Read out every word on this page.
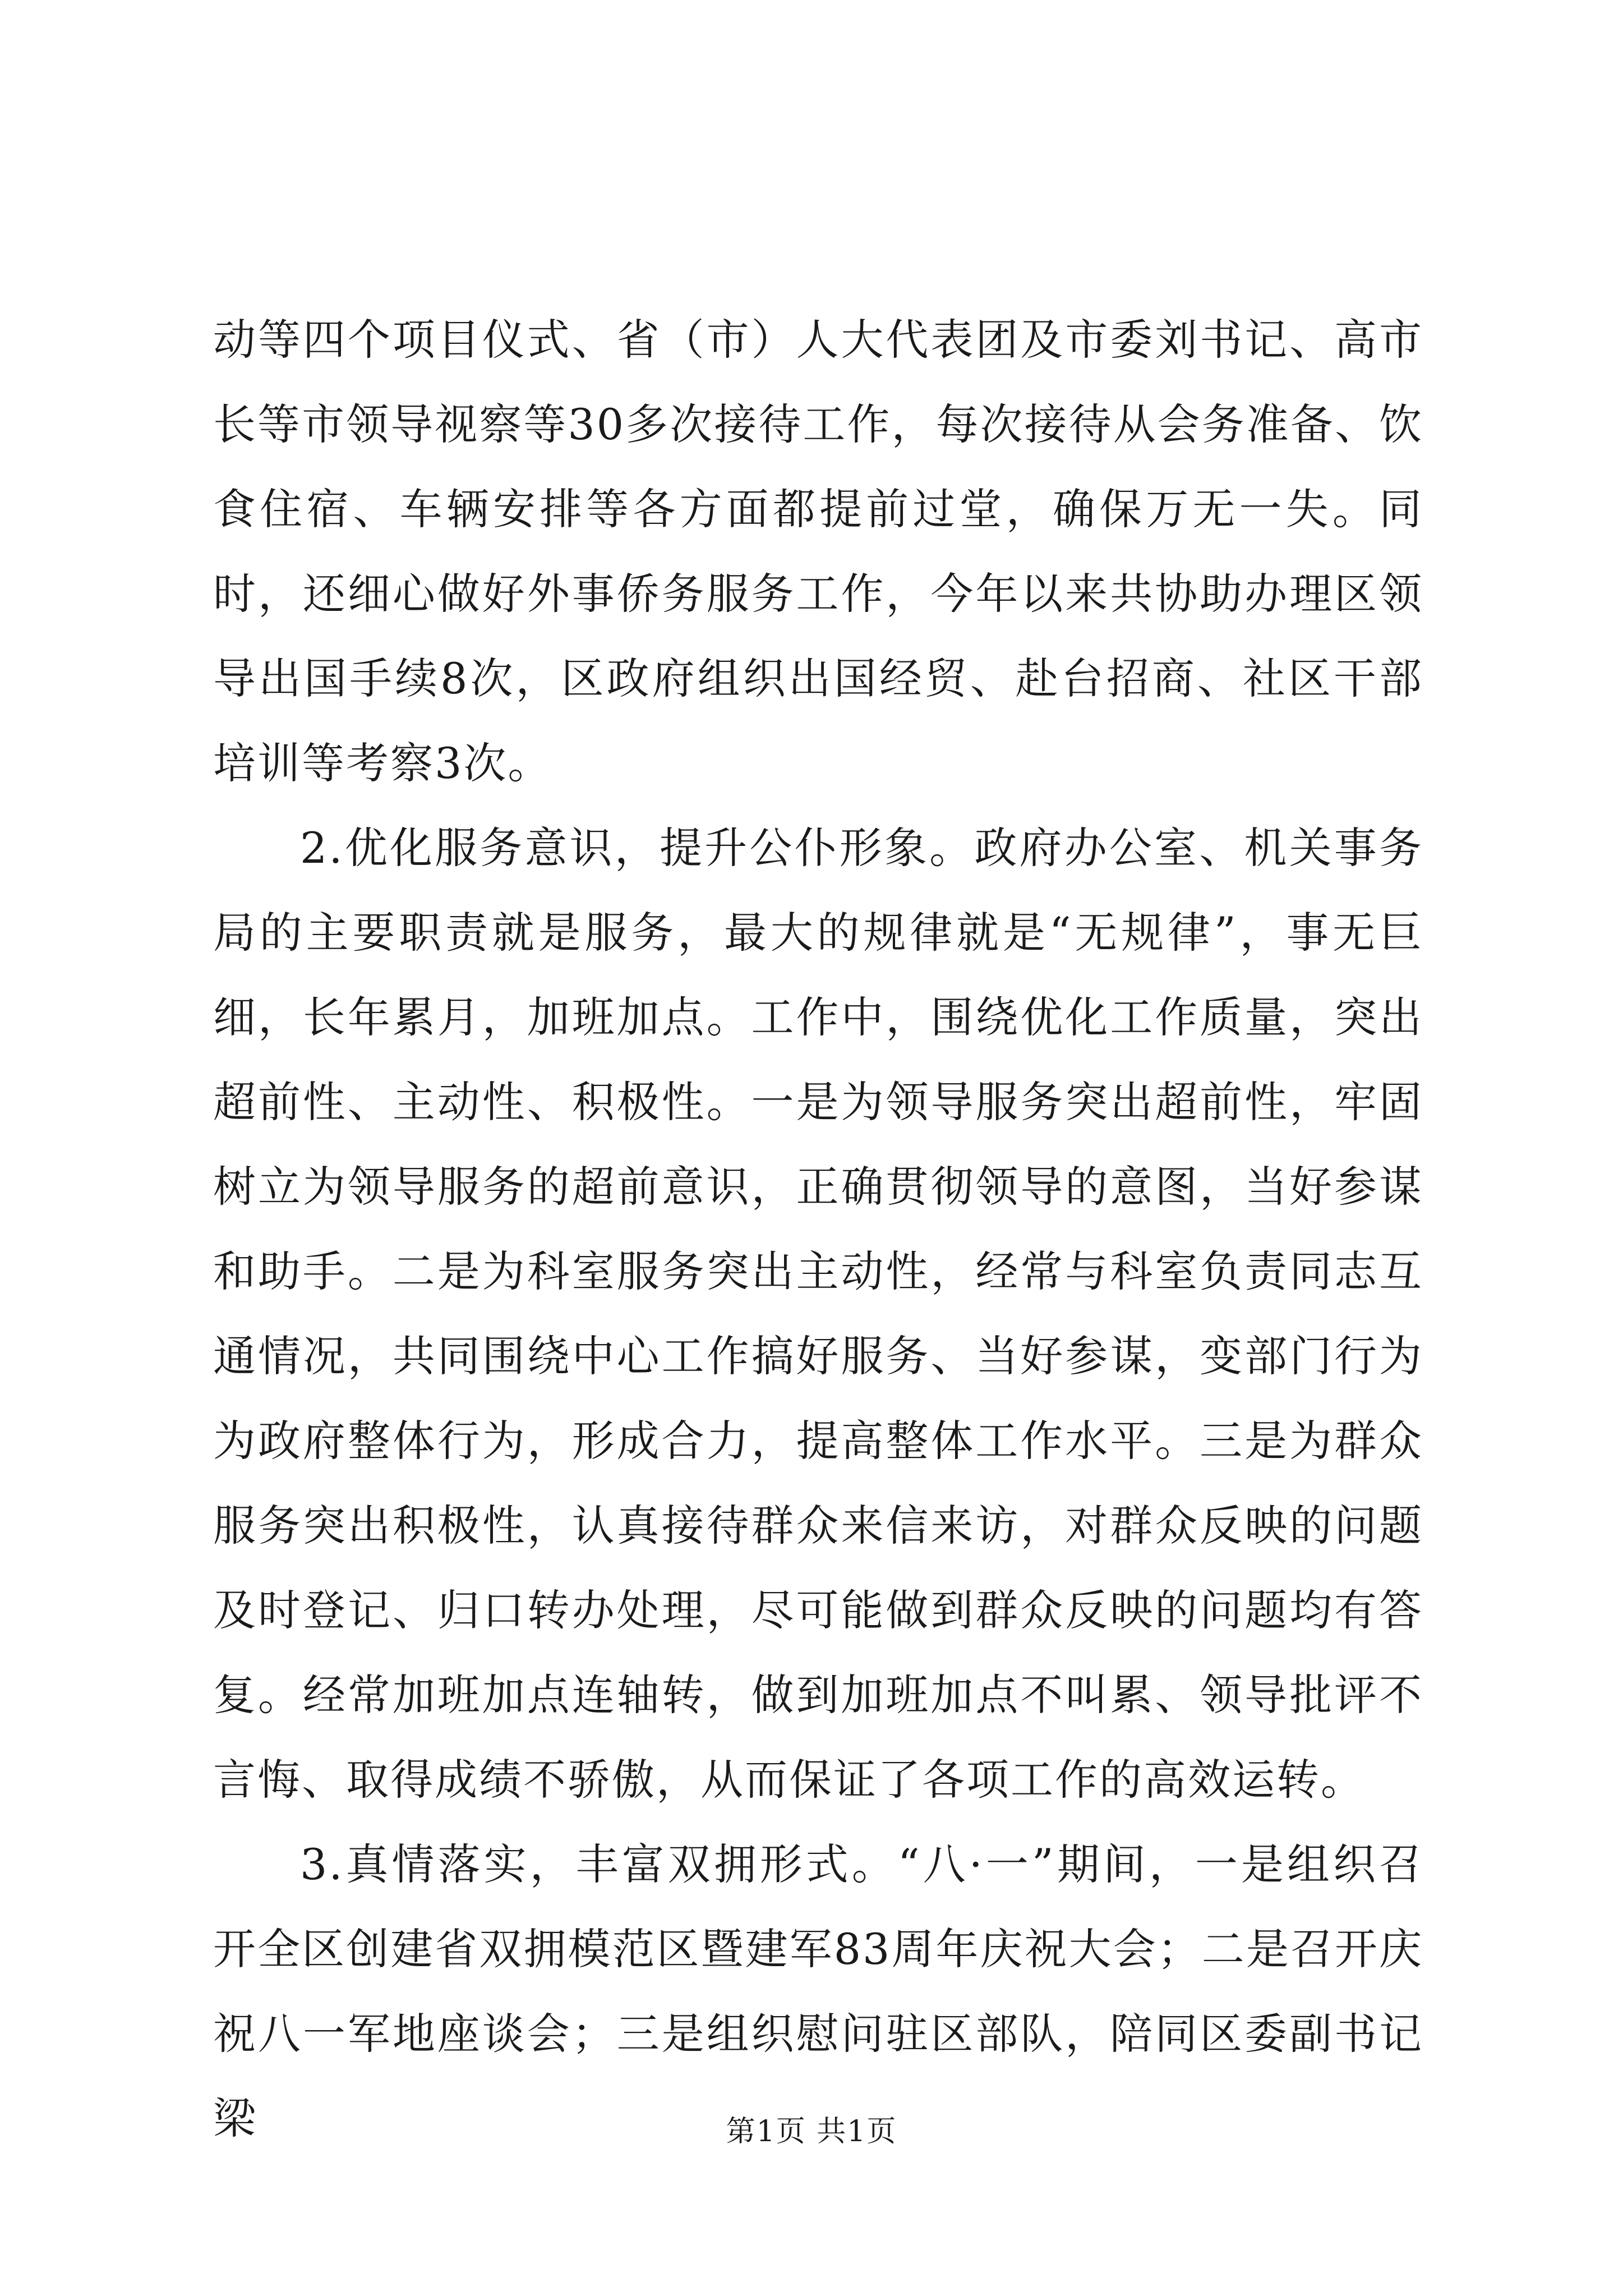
动等四个项目仪式、省（市）人大代表团及市委刘书记、高市长等市领导视察等30多次接待工作，每次接待从会务准备、饮食住宿、车辆安排等各方面都提前过堂，确保万无一失。同时，还细心做好外事侨务服务工作，今年以来共协助办理区领导出国手续8次，区政府组织出国经贸、赴台招商、社区干部培训等考察3次。

2.优化服务意识，提升公仆形象。政府办公室、机关事务局的主要职责就是服务，最大的规律就是“无规律”，事无巨细，长年累月，加班加点。工作中，围绕优化工作质量，突出超前性、主动性、积极性。一是为领导服务突出超前性，牢固树立为领导服务的超前意识，正确贯彻领导的意图，当好参谋和助手。二是为科室服务突出主动性，经常与科室负责同志互通情况，共同围绕中心工作搞好服务、当好参谋，变部门行为为政府整体行为，形成合力，提高整体工作水平。三是为群众服务突出积极性，认真接待群众来信来访，对群众反映的问题及时登记、归口转办处理，尽可能做到群众反映的问题均有答复。经常加班加点连轴转，做到加班加点不叫累、领导批评不言悔、取得成绩不骄傲，从而保证了各项工作的高效运转。

3.真情落实，丰富双拥形式。“八·一”期间，一是组织召开全区创建省双拥模范区暨建军83周年庆祝大会；二是召开庆祝八一军地座谈会；三是组织慰问驻区部队，陪同区委副书记梁	第1页 共1页
